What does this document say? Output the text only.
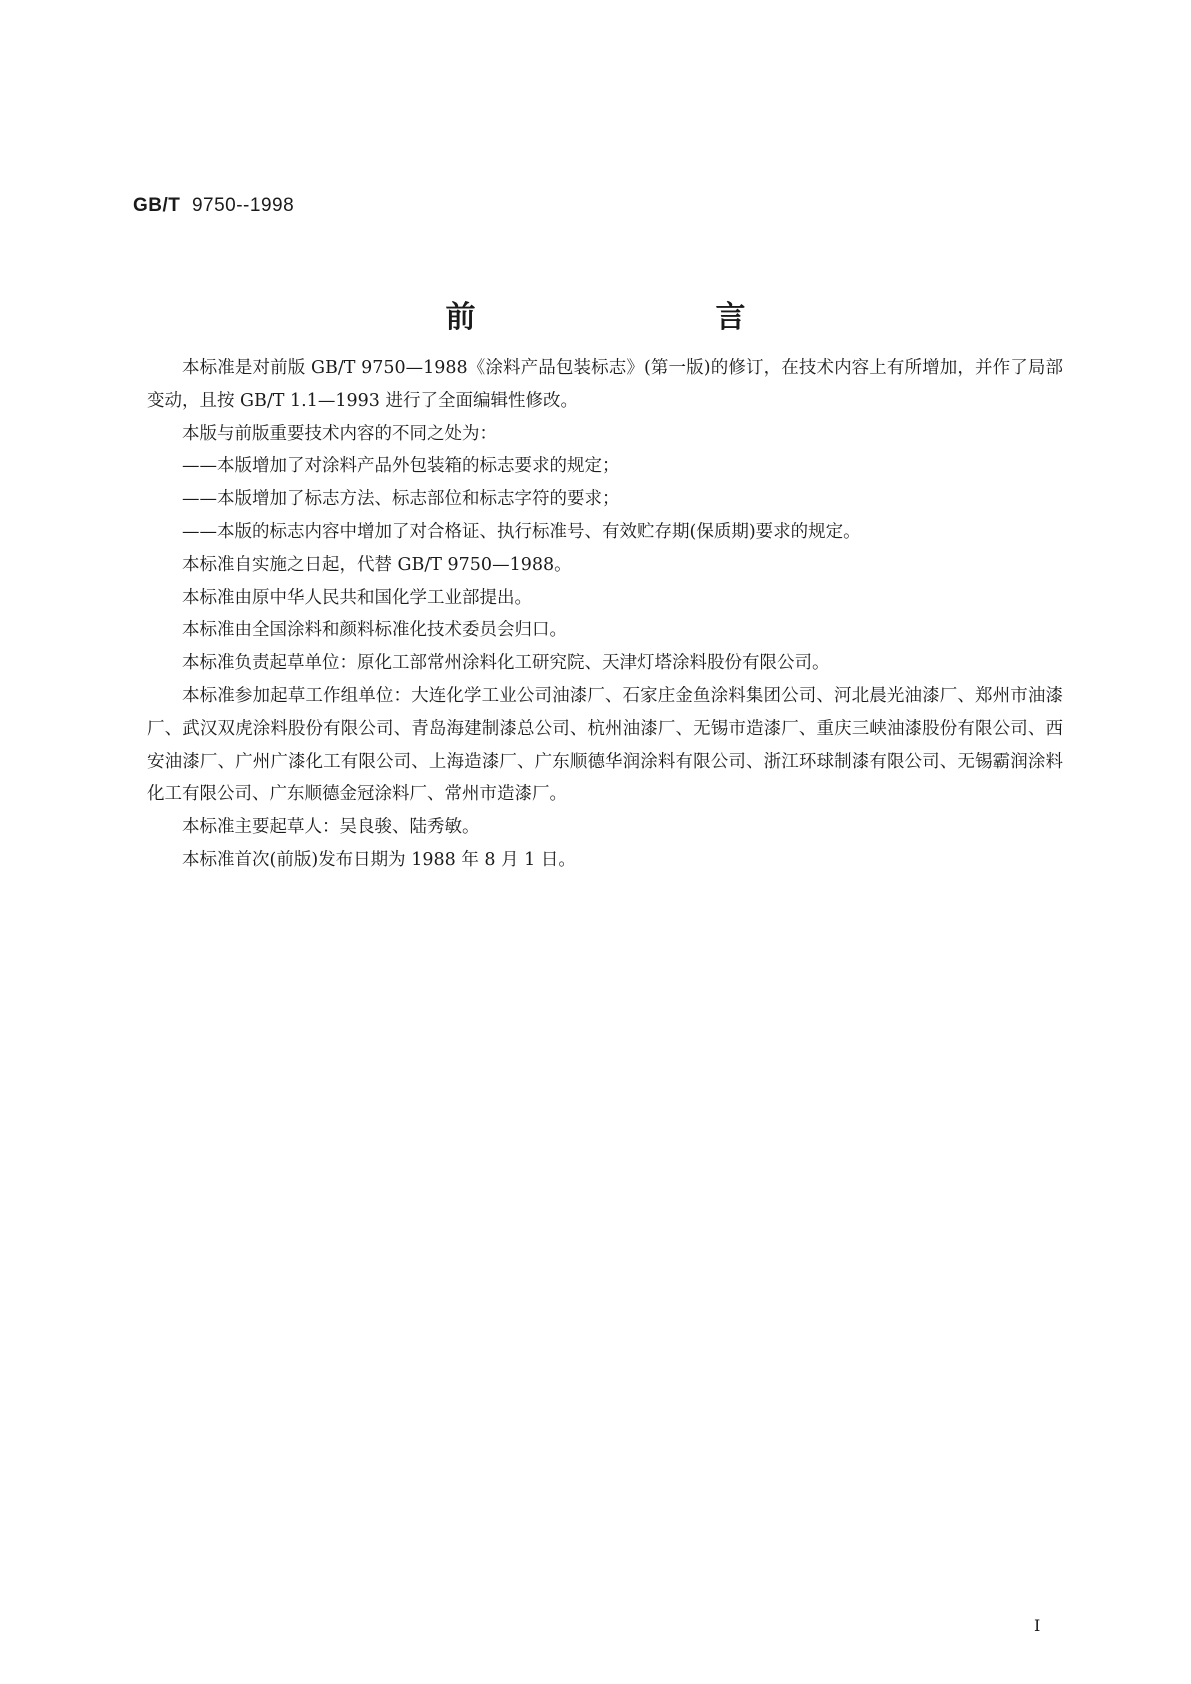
GB/T 9750--1998
前　　言

本标准是对前版 GB/T 9750—1988《涂料产品包装标志》(第一版)的修订，在技术内容上有所增加，并作了局部变动，且按 GB/T 1.1—1993 进行了全面编辑性修改。

本版与前版重要技术内容的不同之处为：

——本版增加了对涂料产品外包装箱的标志要求的规定；

——本版增加了标志方法、标志部位和标志字符的要求；

——本版的标志内容中增加了对合格证、执行标准号、有效贮存期(保质期)要求的规定。

本标准自实施之日起，代替 GB/T 9750—1988。

本标准由原中华人民共和国化学工业部提出。

本标准由全国涂料和颜料标准化技术委员会归口。

本标准负责起草单位：原化工部常州涂料化工研究院、天津灯塔涂料股份有限公司。

本标准参加起草工作组单位：大连化学工业公司油漆厂、石家庄金鱼涂料集团公司、河北晨光油漆厂、郑州市油漆厂、武汉双虎涂料股份有限公司、青岛海建制漆总公司、杭州油漆厂、无锡市造漆厂、重庆三峡油漆股份有限公司、西安油漆厂、广州广漆化工有限公司、上海造漆厂、广东顺德华润涂料有限公司、浙江环球制漆有限公司、无锡霸润涂料化工有限公司、广东顺德金冠涂料厂、常州市造漆厂。

本标准主要起草人：吴良骏、陆秀敏。

本标准首次(前版)发布日期为 1988 年 8 月 1 日。

I
